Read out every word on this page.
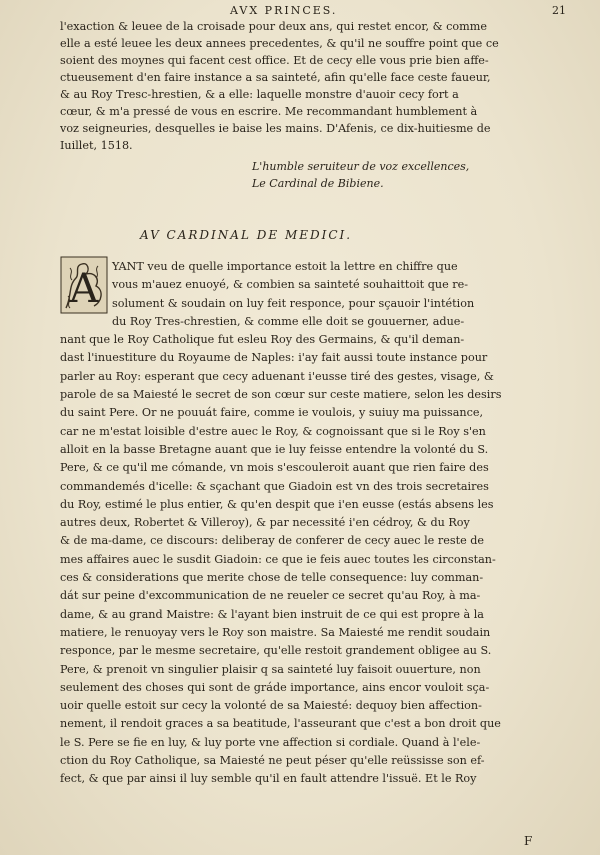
AVX PRINCES.	21
l'exaction & leuee de la croisade pour deux ans, qui restet encor, & comme
elle a esté leuee les deux annees precedentes, & qu'il ne souffre point que ce
soient des moynes qui facent cest office. Et de cecy elle vous prie bien affe-
ctueusement d'en faire instance a sa sainteté, afin qu'elle face ceste faueur,
& au Roy Tresc-hrestien, & a elle: laquelle monstre d'auoir cecy fort a
cœur, & m'a pressé de vous en escrire. Me recommandant humblement à
voz seigneuries, desquelles ie baise les mains. D'Afenis, ce dix-huitiesme de
Iuillet, 1518.
L'humble seruiteur de voz excellences,
Le Cardinal de Bibiene.
AV CARDINAL DE MEDICI.
A	YANT veu de quelle importance estoit la lettre en chiffre que
vous m'auez enuoyé, & combien sa sainteté souhaittoit que re-
solument & soudain on luy feit responce, pour sçauoir l'intétion
du Roy Tres-chrestien, & comme elle doit se gouuerner, adue-
nant que le Roy Catholique fut esleu Roy des Germains, & qu'il deman-
dast l'inuestiture du Royaume de Naples: i'ay fait aussi toute instance pour
parler au Roy: esperant que cecy aduenant i'eusse tiré des gestes, visage, &
parole de sa Maiesté le secret de son cœur sur ceste matiere, selon les desirs
du saint Pere. Or ne pouuát faire, comme ie voulois, y suiuy ma puissance,
car ne m'estat loisible d'estre auec le Roy, & cognoissant que si le Roy s'en
alloit en la basse Bretagne auant que ie luy feisse entendre la volonté du S.
Pere, & ce qu'il me cómande, vn mois s'escouleroit auant que rien faire des
commandemés d'icelle: & sçachant que Giadoin est vn des trois secretaires
du Roy, estimé le plus entier, & qu'en despit que i'en eusse (estás absens les
autres deux, Robertet & Villeroy), & par necessité i'en cédroy, & du Roy
& de ma-dame, ce discours: deliberay de conferer de cecy auec le reste de
mes affaires auec le susdit Giadoin: ce que ie feis auec toutes les circonstan-
ces & considerations que merite chose de telle consequence: luy comman-
dát sur peine d'excommunication de ne reueler ce secret qu'au Roy, à ma-
dame, & au grand Maistre: & l'ayant bien instruit de ce qui est propre à la
matiere, le renuoyay vers le Roy son maistre. Sa Maiesté me rendit soudain
responce, par le mesme secretaire, qu'elle restoit grandement obligee au S.
Pere, & prenoit vn singulier plaisir q sa sainteté luy faisoit ouuerture, non
seulement des choses qui sont de gráde importance, ains encor vouloit sça-
uoir quelle estoit sur cecy la volonté de sa Maiesté: dequoy bien affection-
nement, il rendoit graces a sa beatitude, l'asseurant que c'est a bon droit que
le S. Pere se fie en luy, & luy porte vne affection si cordiale. Quand à l'ele-
ction du Roy Catholique, sa Maiesté ne peut péser qu'elle reüssisse son ef-
fect, & que par ainsi il luy semble qu'il en fault attendre l'issuë. Et le Roy
F
